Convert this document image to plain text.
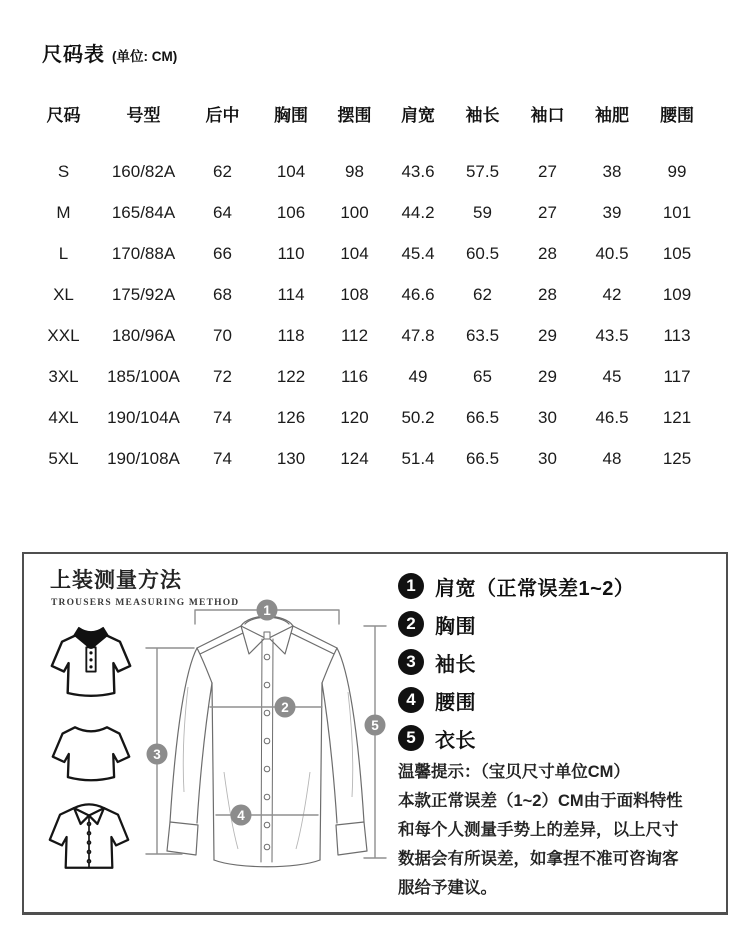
尺码表 (单位: CM)
尺码	号型	后中	胸围	摆围	肩宽	袖长	袖口	袖肥	腰围
S	160/82A	62	104	98	43.6	57.5	27	38	99
M	165/84A	64	106	100	44.2	59	27	39	101
L	170/88A	66	110	104	45.4	60.5	28	40.5	105
XL	175/92A	68	114	108	46.6	62	28	42	109
XXL	180/96A	70	118	112	47.8	63.5	29	43.5	113
3XL	185/100A	72	122	116	49	65	29	45	117
4XL	190/104A	74	126	120	50.2	66.5	30	46.5	121
5XL	190/108A	74	130	124	51.4	66.5	30	48	125
上装测量方法
TROUSERS MEASURING METHOD 1
2
3
4
5
1 肩宽（正常误差1~2）
2 胸围
3 袖长
4 腰围
5 衣长
温馨提示：（宝贝尺寸单位CM）
本款正常误差（1~2）CM由于面料特性
和每个人测量手势上的差异，以上尺寸
数据会有所误差，如拿捏不准可咨询客
服给予建议。
